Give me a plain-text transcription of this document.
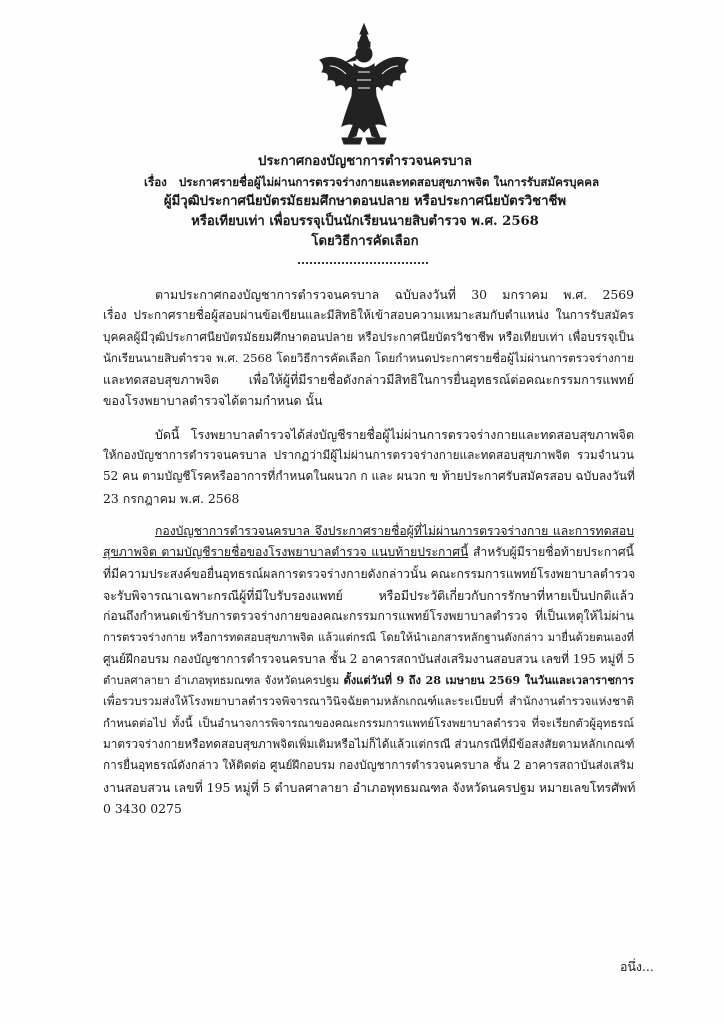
ประกาศกองบัญชาการตำรวจนครบาล
เรื่อง ประกาศรายชื่อผู้ไม่ผ่านการตรวจร่างกายและทดสอบสุขภาพจิต ในการรับสมัครบุคคล
ผู้มีวุฒิประกาศนียบัตรมัธยมศึกษาตอนปลาย หรือประกาศนียบัตรวิชาชีพ
หรือเทียบเท่า เพื่อบรรจุเป็นนักเรียนนายสิบตำรวจ พ.ศ. 2568
โดยวิธีการคัดเลือก

ตามประกาศกองบัญชาการตำรวจนครบาล ฉบับลงวันที่ 30 มกราคม พ.ศ. 2569

เรื่อง ประกาศรายชื่อผู้สอบผ่านข้อเขียนและมีสิทธิให้เข้าสอบความเหมาะสมกับตำแหน่ง ในการรับสมัคร

บุคคลผู้มีวุฒิประกาศนียบัตรมัธยมศึกษาตอนปลาย หรือประกาศนียบัตรวิชาชีพ หรือเทียบเท่า เพื่อบรรจุเป็น

นักเรียนนายสิบตำรวจ พ.ศ. 2568 โดยวิธีการคัดเลือก โดยกำหนดประกาศรายชื่อผู้ไม่ผ่านการตรวจร่างกาย

และทดสอบสุขภาพจิต เพื่อให้ผู้ที่มีรายชื่อดังกล่าวมีสิทธิในการยื่นอุทธรณ์ต่อคณะกรรมการแพทย์

ของโรงพยาบาลตำรวจได้ตามกำหนด นั้น

บัดนี้ โรงพยาบาลตำรวจได้ส่งบัญชีรายชื่อผู้ไม่ผ่านการตรวจร่างกายและทดสอบสุขภาพจิต

ให้กองบัญชาการตำรวจนครบาล ปรากฏว่ามีผู้ไม่ผ่านการตรวจร่างกายและทดสอบสุขภาพจิต รวมจำนวน

52 คน ตามบัญชีโรคหรืออาการที่กำหนดในผนวก ก และ ผนวก ข ท้ายประกาศรับสมัครสอบ ฉบับลงวันที่

23 กรกฎาคม พ.ศ. 2568

กองบัญชาการตำรวจนครบาล จึงประกาศรายชื่อผู้ที่ไม่ผ่านการตรวจร่างกาย และการทดสอบ

สุขภาพจิต ตามบัญชีรายชื่อของโรงพยาบาลตำรวจ แนบท้ายประกาศนี้ สำหรับผู้มีรายชื่อท้ายประกาศนี้

ที่มีความประสงค์ขอยื่นอุทธรณ์ผลการตรวจร่างกายดังกล่าวนั้น คณะกรรมการแพทย์โรงพยาบาลตำรวจ

จะรับพิจารณาเฉพาะกรณีผู้ที่มีใบรับรองแพทย์ หรือมีประวัติเกี่ยวกับการรักษาที่หายเป็นปกติแล้ว

ก่อนถึงกำหนดเข้ารับการตรวจร่างกายของคณะกรรมการแพทย์โรงพยาบาลตำรวจ ที่เป็นเหตุให้ไม่ผ่าน

การตรวจร่างกาย หรือการทดสอบสุขภาพจิต แล้วแต่กรณี โดยให้นำเอกสารหลักฐานดังกล่าว มายื่นด้วยตนเองที่

ศูนย์ฝึกอบรม กองบัญชาการตำรวจนครบาล ชั้น 2 อาคารสถาบันส่งเสริมงานสอบสวน เลขที่ 195 หมู่ที่ 5

ตำบลศาลายา อำเภอพุทธมณฑล จังหวัดนครปฐม ตั้งแต่วันที่ 9 ถึง 28 เมษายน 2569 ในวันและเวลาราชการ

เพื่อรวบรวมส่งให้โรงพยาบาลตำรวจพิจารณาวินิจฉัยตามหลักเกณฑ์และระเบียบที่ สำนักงานตำรวจแห่งชาติ

กำหนดต่อไป ทั้งนี้ เป็นอำนาจการพิจารณาของคณะกรรมการแพทย์โรงพยาบาลตำรวจ ที่จะเรียกตัวผู้อุทธรณ์

มาตรวจร่างกายหรือทดสอบสุขภาพจิตเพิ่มเติมหรือไม่ก็ได้แล้วแต่กรณี ส่วนกรณีที่มีข้อสงสัยตามหลักเกณฑ์

การยื่นอุทธรณ์ดังกล่าว ให้ติดต่อ ศูนย์ฝึกอบรม กองบัญชาการตำรวจนครบาล ชั้น 2 อาคารสถาบันส่งเสริม

งานสอบสวน เลขที่ 195 หมู่ที่ 5 ตำบลศาลายา อำเภอพุทธมณฑล จังหวัดนครปฐม หมายเลขโทรศัพท์

0 3430 0275

อนึ่ง...
